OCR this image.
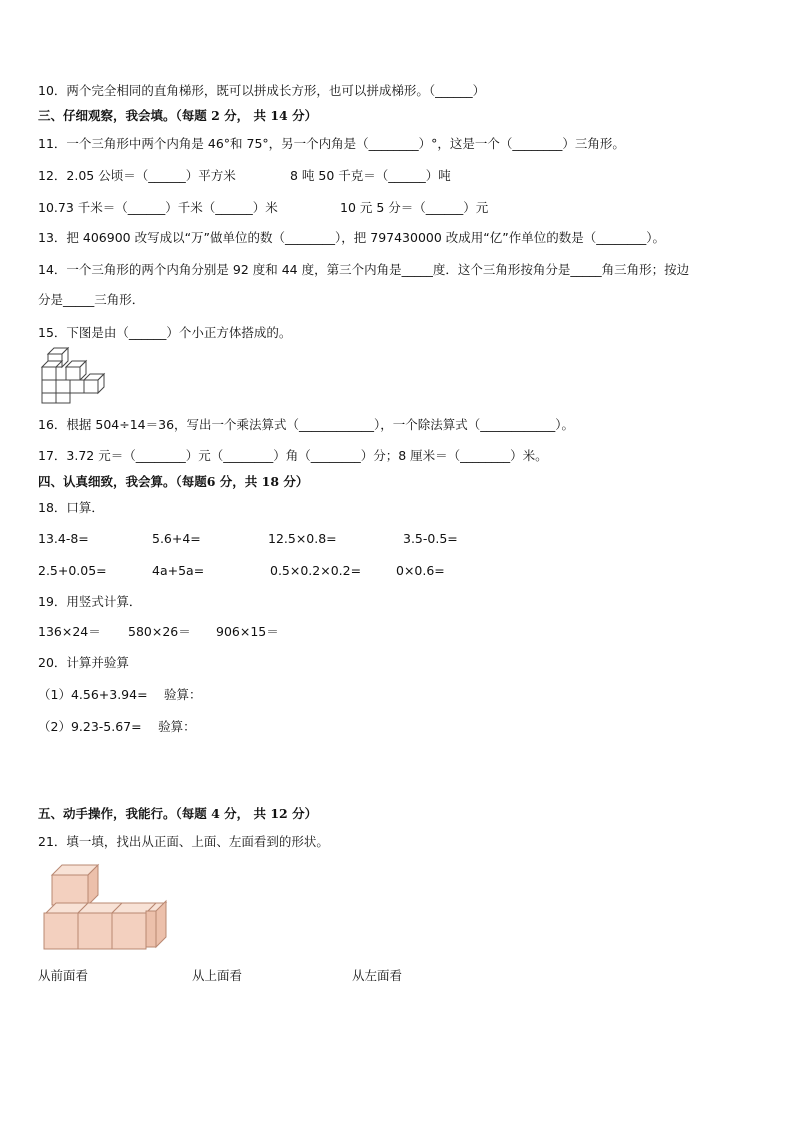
10．两个完全相同的直角梯形，既可以拼成长方形，也可以拼成梯形。（______）
三、仔细观察，我会填。（每题 2 分， 共 14 分）
11．一个三角形中两个内角是 46°和 75°，另一个内角是（________）°，这是一个（________）三角形。
12．2.05 公顷＝（______）平方米	8 吨 50 千克＝（______）吨
10.73 千米＝（______）千米（______）米	10 元 5 分＝（______）元
13．把 406900 改写成以“万”做单位的数（________），把 797430000 改成用“亿”作单位的数是（________）。
14．一个三角形的两个内角分别是 92 度和 44 度，第三个内角是_____度．这个三角形按角分是_____角三角形；按边
分是_____三角形．
15．下图是由（______）个小正方体搭成的。
16．根据 504÷14＝36，写出一个乘法算式（____________），一个除法算式（____________）。
17．3.72 元＝（________）元（________）角（________）分；8 厘米＝（________）米。
四、认真细致，我会算。（每题6 分，共 18 分）
18．口算．
13.4-8=	5.6+4=	12.5×0.8=	3.5-0.5=
2.5+0.05=	4a+5a=	0.5×0.2×0.2=	0×0.6=
19．用竖式计算．
136×24＝ 580×26＝ 906×15＝
20．计算并验算
（1）4.56+3.94=　 验算：
（2）9.23-5.67=　 验算：
五、动手操作，我能行。（每题 4 分， 共 12 分）
21．填一填，找出从正面、上面、左面看到的形状。
从前面看	从上面看	从左面看
